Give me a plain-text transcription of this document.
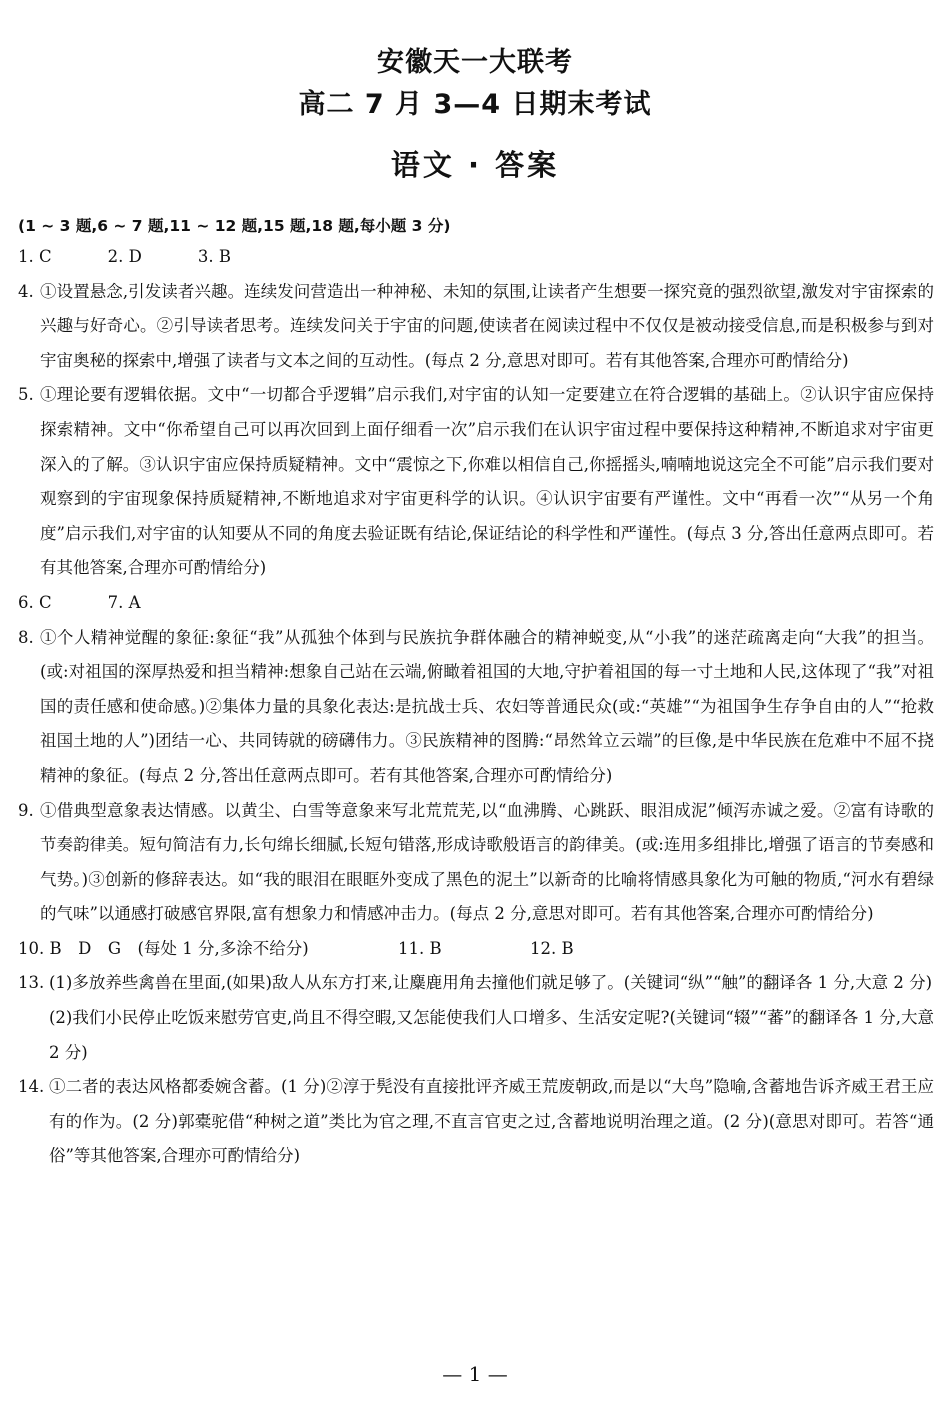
安徽天一大联考
高二 7 月 3—4 日期末考试
语文 · 答案
(1 ~ 3 题,6 ~ 7 题,11 ~ 12 题,15 题,18 题,每小题 3 分)
1. C	2. D	3. B
4. ①设置悬念,引发读者兴趣。连续发问营造出一种神秘、未知的氛围,让读者产生想要一探究竟的强烈欲望,激发对宇宙探索的兴趣与好奇心。②引导读者思考。连续发问关于宇宙的问题,使读者在阅读过程中不仅仅是被动接受信息,而是积极参与到对宇宙奥秘的探索中,增强了读者与文本之间的互动性。(每点 2 分,意思对即可。若有其他答案,合理亦可酌情给分)
5. ①理论要有逻辑依据。文中“一切都合乎逻辑”启示我们,对宇宙的认知一定要建立在符合逻辑的基础上。②认识宇宙应保持探索精神。文中“你希望自己可以再次回到上面仔细看一次”启示我们在认识宇宙过程中要保持这种精神,不断追求对宇宙更深入的了解。③认识宇宙应保持质疑精神。文中“震惊之下,你难以相信自己,你摇摇头,喃喃地说这完全不可能”启示我们要对观察到的宇宙现象保持质疑精神,不断地追求对宇宙更科学的认识。④认识宇宙要有严谨性。文中“再看一次”“从另一个角度”启示我们,对宇宙的认知要从不同的角度去验证既有结论,保证结论的科学性和严谨性。(每点 3 分,答出任意两点即可。若有其他答案,合理亦可酌情给分)
6. C	7. A
8. ①个人精神觉醒的象征:象征“我”从孤独个体到与民族抗争群体融合的精神蜕变,从“小我”的迷茫疏离走向“大我”的担当。(或:对祖国的深厚热爱和担当精神:想象自己站在云端,俯瞰着祖国的大地,守护着祖国的每一寸土地和人民,这体现了“我”对祖国的责任感和使命感。)②集体力量的具象化表达:是抗战士兵、农妇等普通民众(或:“英雄”“为祖国争生存争自由的人”“抢救祖国土地的人”)团结一心、共同铸就的磅礴伟力。③民族精神的图腾:“昂然耸立云端”的巨像,是中华民族在危难中不屈不挠精神的象征。(每点 2 分,答出任意两点即可。若有其他答案,合理亦可酌情给分)
9. ①借典型意象表达情感。以黄尘、白雪等意象来写北荒荒芜,以“血沸腾、心跳跃、眼泪成泥”倾泻赤诚之爱。②富有诗歌的节奏韵律美。短句简洁有力,长句绵长细腻,长短句错落,形成诗歌般语言的韵律美。(或:连用多组排比,增强了语言的节奏感和气势。)③创新的修辞表达。如“我的眼泪在眼眶外变成了黑色的泥土”以新奇的比喻将情感具象化为可触的物质,“河水有碧绿的气味”以通感打破感官界限,富有想象力和情感冲击力。(每点 2 分,意思对即可。若有其他答案,合理亦可酌情给分)
10. B　D　G　(每处 1 分,多涂不给分)	11. B	12. B
13. (1)多放养些禽兽在里面,(如果)敌人从东方打来,让麋鹿用角去撞他们就足够了。(关键词“纵”“触”的翻译各 1 分,大意 2 分)
(2)我们小民停止吃饭来慰劳官吏,尚且不得空暇,又怎能使我们人口增多、生活安定呢?(关键词“辍”“蕃”的翻译各 1 分,大意 2 分)
14. ①二者的表达风格都委婉含蓄。(1 分)②淳于髡没有直接批评齐威王荒废朝政,而是以“大鸟”隐喻,含蓄地告诉齐威王君王应有的作为。(2 分)郭橐驼借“种树之道”类比为官之理,不直言官吏之过,含蓄地说明治理之道。(2 分)(意思对即可。若答“通俗”等其他答案,合理亦可酌情给分)
— 1 —
